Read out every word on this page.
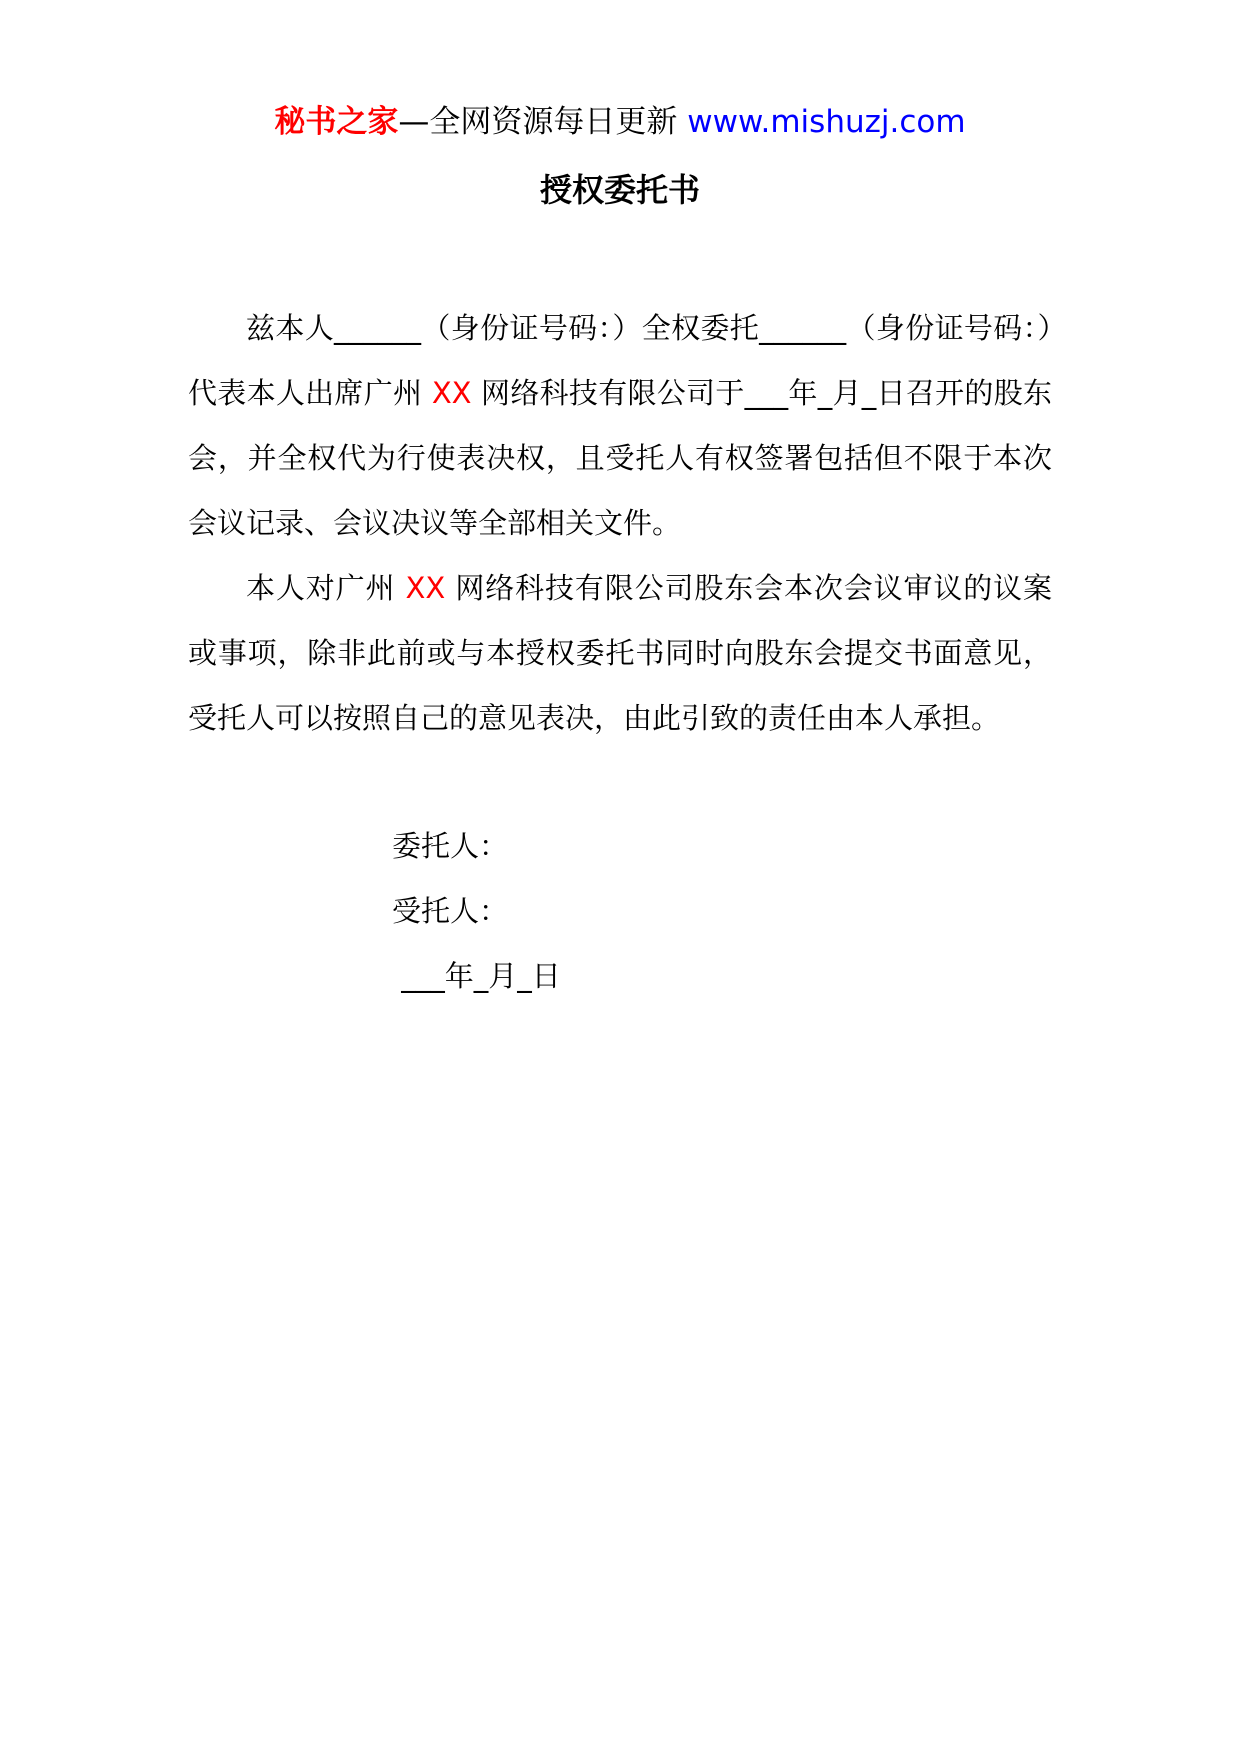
秘书之家—全网资源每日更新 www.mishuzj.com
授权委托书

兹本人______（身份证号码：）全权委托______（身份证号码：）代表本人出席广州 XX 网络科技有限公司于___年_月_日召开的股东会，并全权代为行使表决权，且受托人有权签署包括但不限于本次会议记录、会议决议等全部相关文件。

本人对广州 XX 网络科技有限公司股东会本次会议审议的议案或事项，除非此前或与本授权委托书同时向股东会提交书面意见，受托人可以按照自己的意见表决，由此引致的责任由本人承担。

委托人：
受托人：
___年_月_日
